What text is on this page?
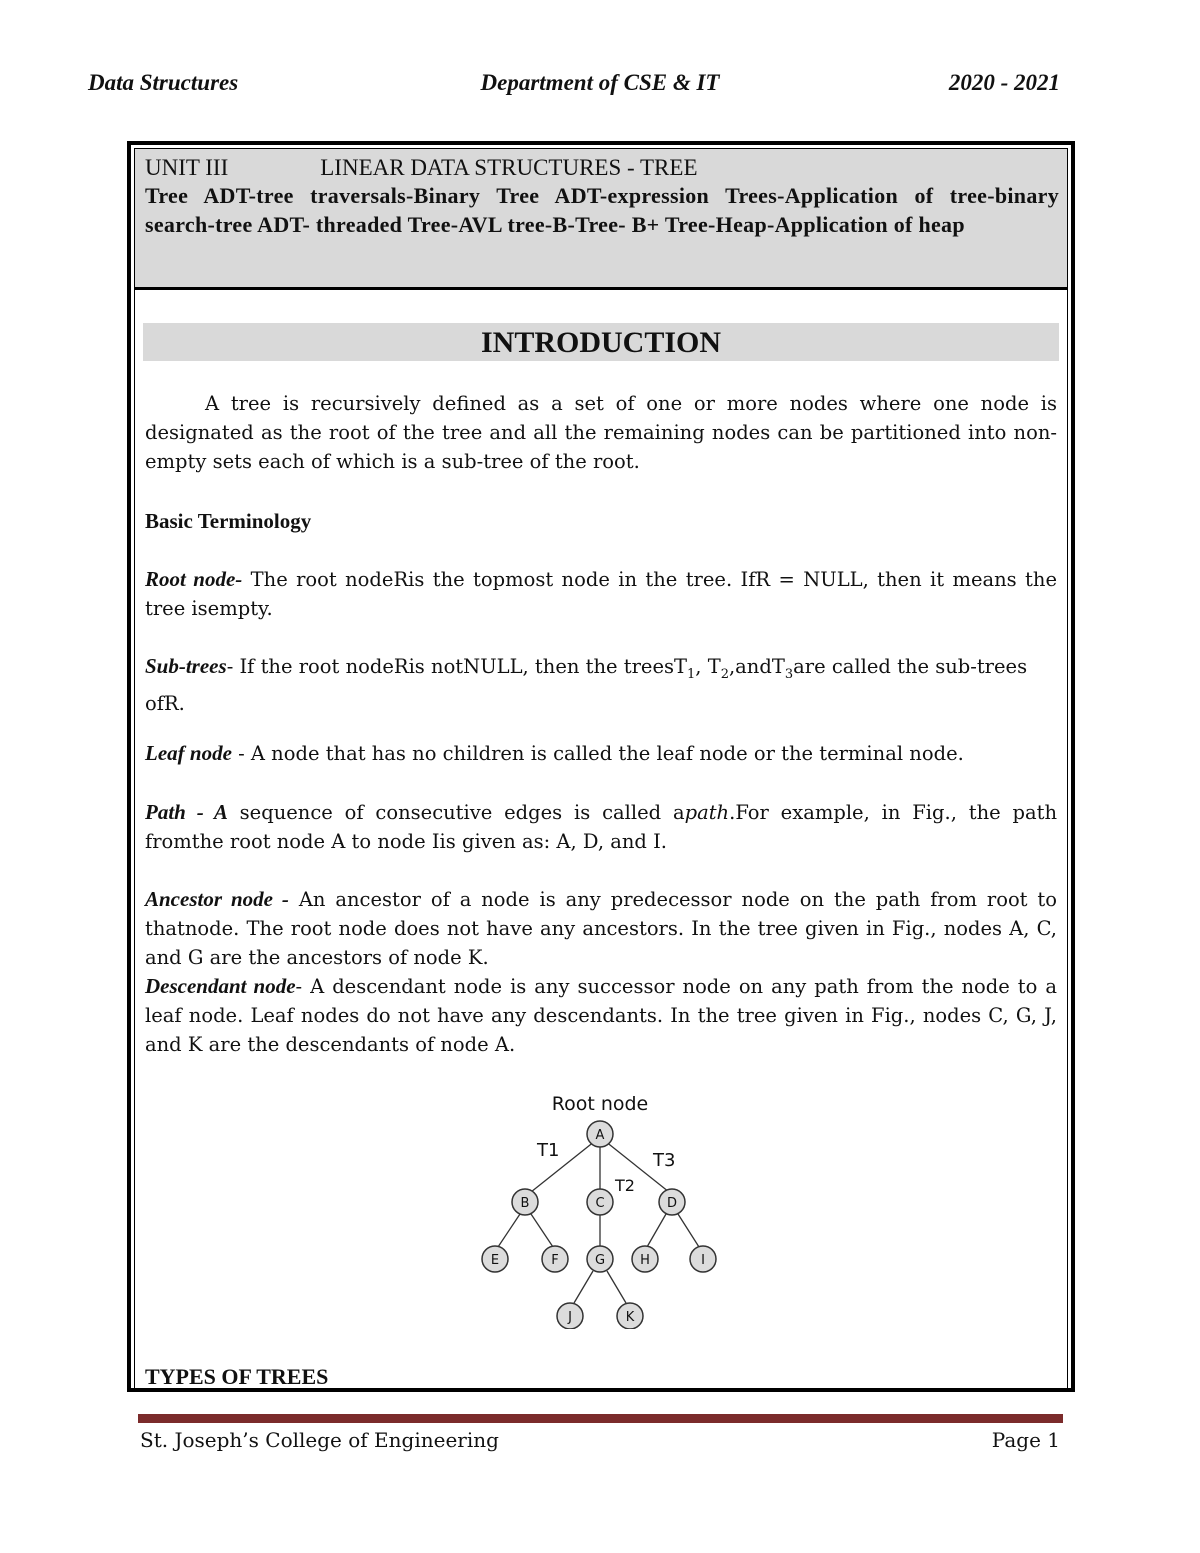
Data Structures	Department of CSE & IT	2020 - 2021
UNIT III	LINEAR DATA STRUCTURES - TREE
Tree ADT-tree traversals-Binary Tree ADT-expression Trees-Application of tree-binary search-tree ADT- threaded Tree-AVL tree-B-Tree- B+ Tree-Heap-Application of heap
INTRODUCTION
A tree is recursively defined as a set of one or more nodes where one node is designated as the root of the tree and all the remaining nodes can be partitioned into non-empty sets each of which is a sub-tree of the root.
Basic Terminology
Root node- The root nodeRis the topmost node in the tree. IfR = NULL, then it means the tree isempty.
Sub-trees- If the root nodeRis notNULL, then the treesT$_1$, $T_2,andT_3are$ called the sub-trees ofR.
Leaf node - A node that has no children is called the leaf node or the terminal node.
Path - A sequence of consecutive edges is called apath.For example, in Fig., the path fromthe root node A to node Iis given as: A, D, and I.
Ancestor node - An ancestor of a node is any predecessor node on the path from root to thatnode. The root node does not have any ancestors. In the tree given in Fig., nodes A, C, and G are the ancestors of node K.
Descendant node- A descendant node is any successor node on any path from the node to a leaf node. Leaf nodes do not have any descendants. In the tree given in Fig., nodes C, G, J, and K are the descendants of node A.
Root node
A
B	C	D
E	F	G	H	I
J	K
T1
T2
T3
TYPES OF TREES
St. Joseph’s College of Engineering	Page 1
